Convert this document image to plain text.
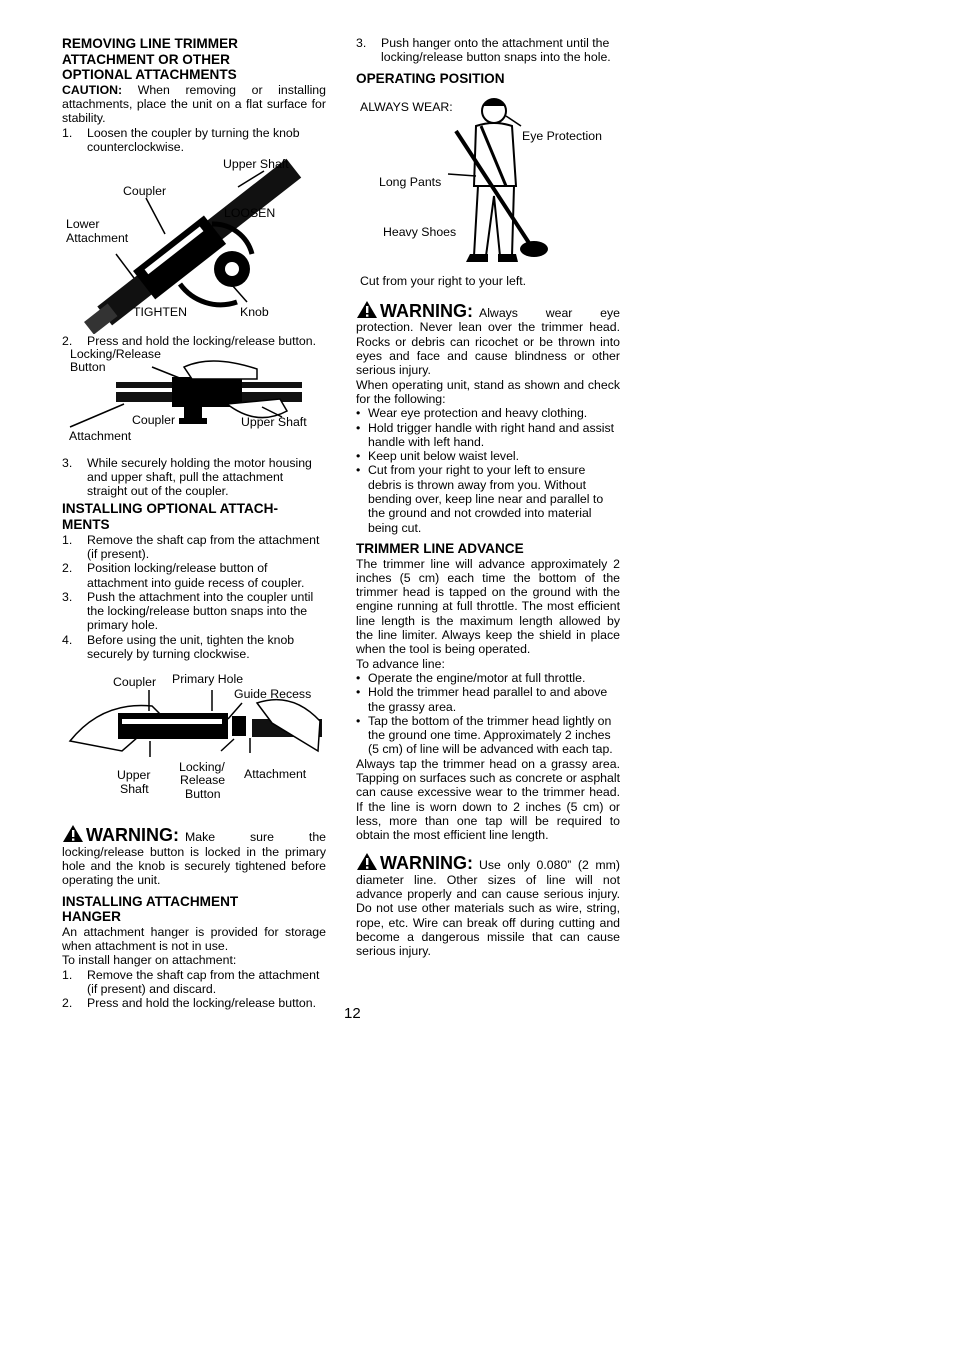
REMOVING LINE TRIMMER
ATTACHMENT OR OTHER
OPTIONAL ATTACHMENTS

CAUTION: When removing or installing attachments, place the unit on a flat surface for stability.

1. Loosen the coupler by turning the knob counterclockwise.
Upper Shaft
Coupler
LOOSEN
Lower
Attachment
TIGHTEN	Knob
2. Press and hold the locking/release button.
Locking/Release
Button
Coupler	Upper Shaft
Attachment
3. While securely holding the motor housing and upper shaft, pull the attachment straight out of the coupler.
INSTALLING OPTIONAL ATTACH-
MENTS
1. Remove the shaft cap from the attachment (if present).
2. Position locking/release button of attachment into guide recess of coupler.
3. Push the attachment into the coupler until the locking/release button snaps into the primary hole.
4. Before using the unit, tighten the knob securely by turning clockwise.
Coupler Primary Hole
Guide Recess
Upper
Shaft
Locking/
Release
Button
Attachment

WARNING: Make sure the locking/release button is locked in the primary hole and the knob is securely tightened before operating the unit.

INSTALLING ATTACHMENT
HANGER

An attachment hanger is provided for storage when attachment is not in use.

To install hanger on attachment:

1. Remove the shaft cap from the attachment (if present) and discard.
2. Press and hold the locking/release button.
3. Push hanger onto the attachment until the locking/release button snaps into the hole.
OPERATING POSITION
ALWAYS WEAR:
Eye Protection
Long Pants
Heavy Shoes
Cut from your right to your left.

WARNING: Always wear eye protection. Never lean over the trimmer head. Rocks or debris can ricochet or be thrown into eyes and face and cause blindness or other serious injury.

When operating unit, stand as shown and check for the following:

• Wear eye protection and heavy clothing.
• Hold trigger handle with right hand and assist handle with left hand.
• Keep unit below waist level.
• Cut from your right to your left to ensure debris is thrown away from you. Without bending over, keep line near and parallel to the ground and not crowded into material being cut.
TRIMMER LINE ADVANCE

The trimmer line will advance approximately 2 inches (5 cm) each time the bottom of the trimmer head is tapped on the ground with the engine running at full throttle. The most efficient line length is the maximum length allowed by the line limiter. Always keep the shield in place when the tool is being operated.

To advance line:

• Operate the engine/motor at full throttle.
• Hold the trimmer head parallel to and above the grassy area.
• Tap the bottom of the trimmer head lightly on the ground one time. Approximately 2 inches (5 cm) of line will be advanced with each tap.

Always tap the trimmer head on a grassy area. Tapping on surfaces such as concrete or asphalt can cause excessive wear to the trimmer head. If the line is worn down to 2 inches (5 cm) or less, more than one tap will be required to obtain the most efficient line length.

WARNING: Use only 0.080” (2 mm) diameter line. Other sizes of line will not advance properly and can cause serious injury. Do not use other materials such as wire, string, rope, etc. Wire can break off during cutting and become a dangerous missile that can cause serious injury.

12
